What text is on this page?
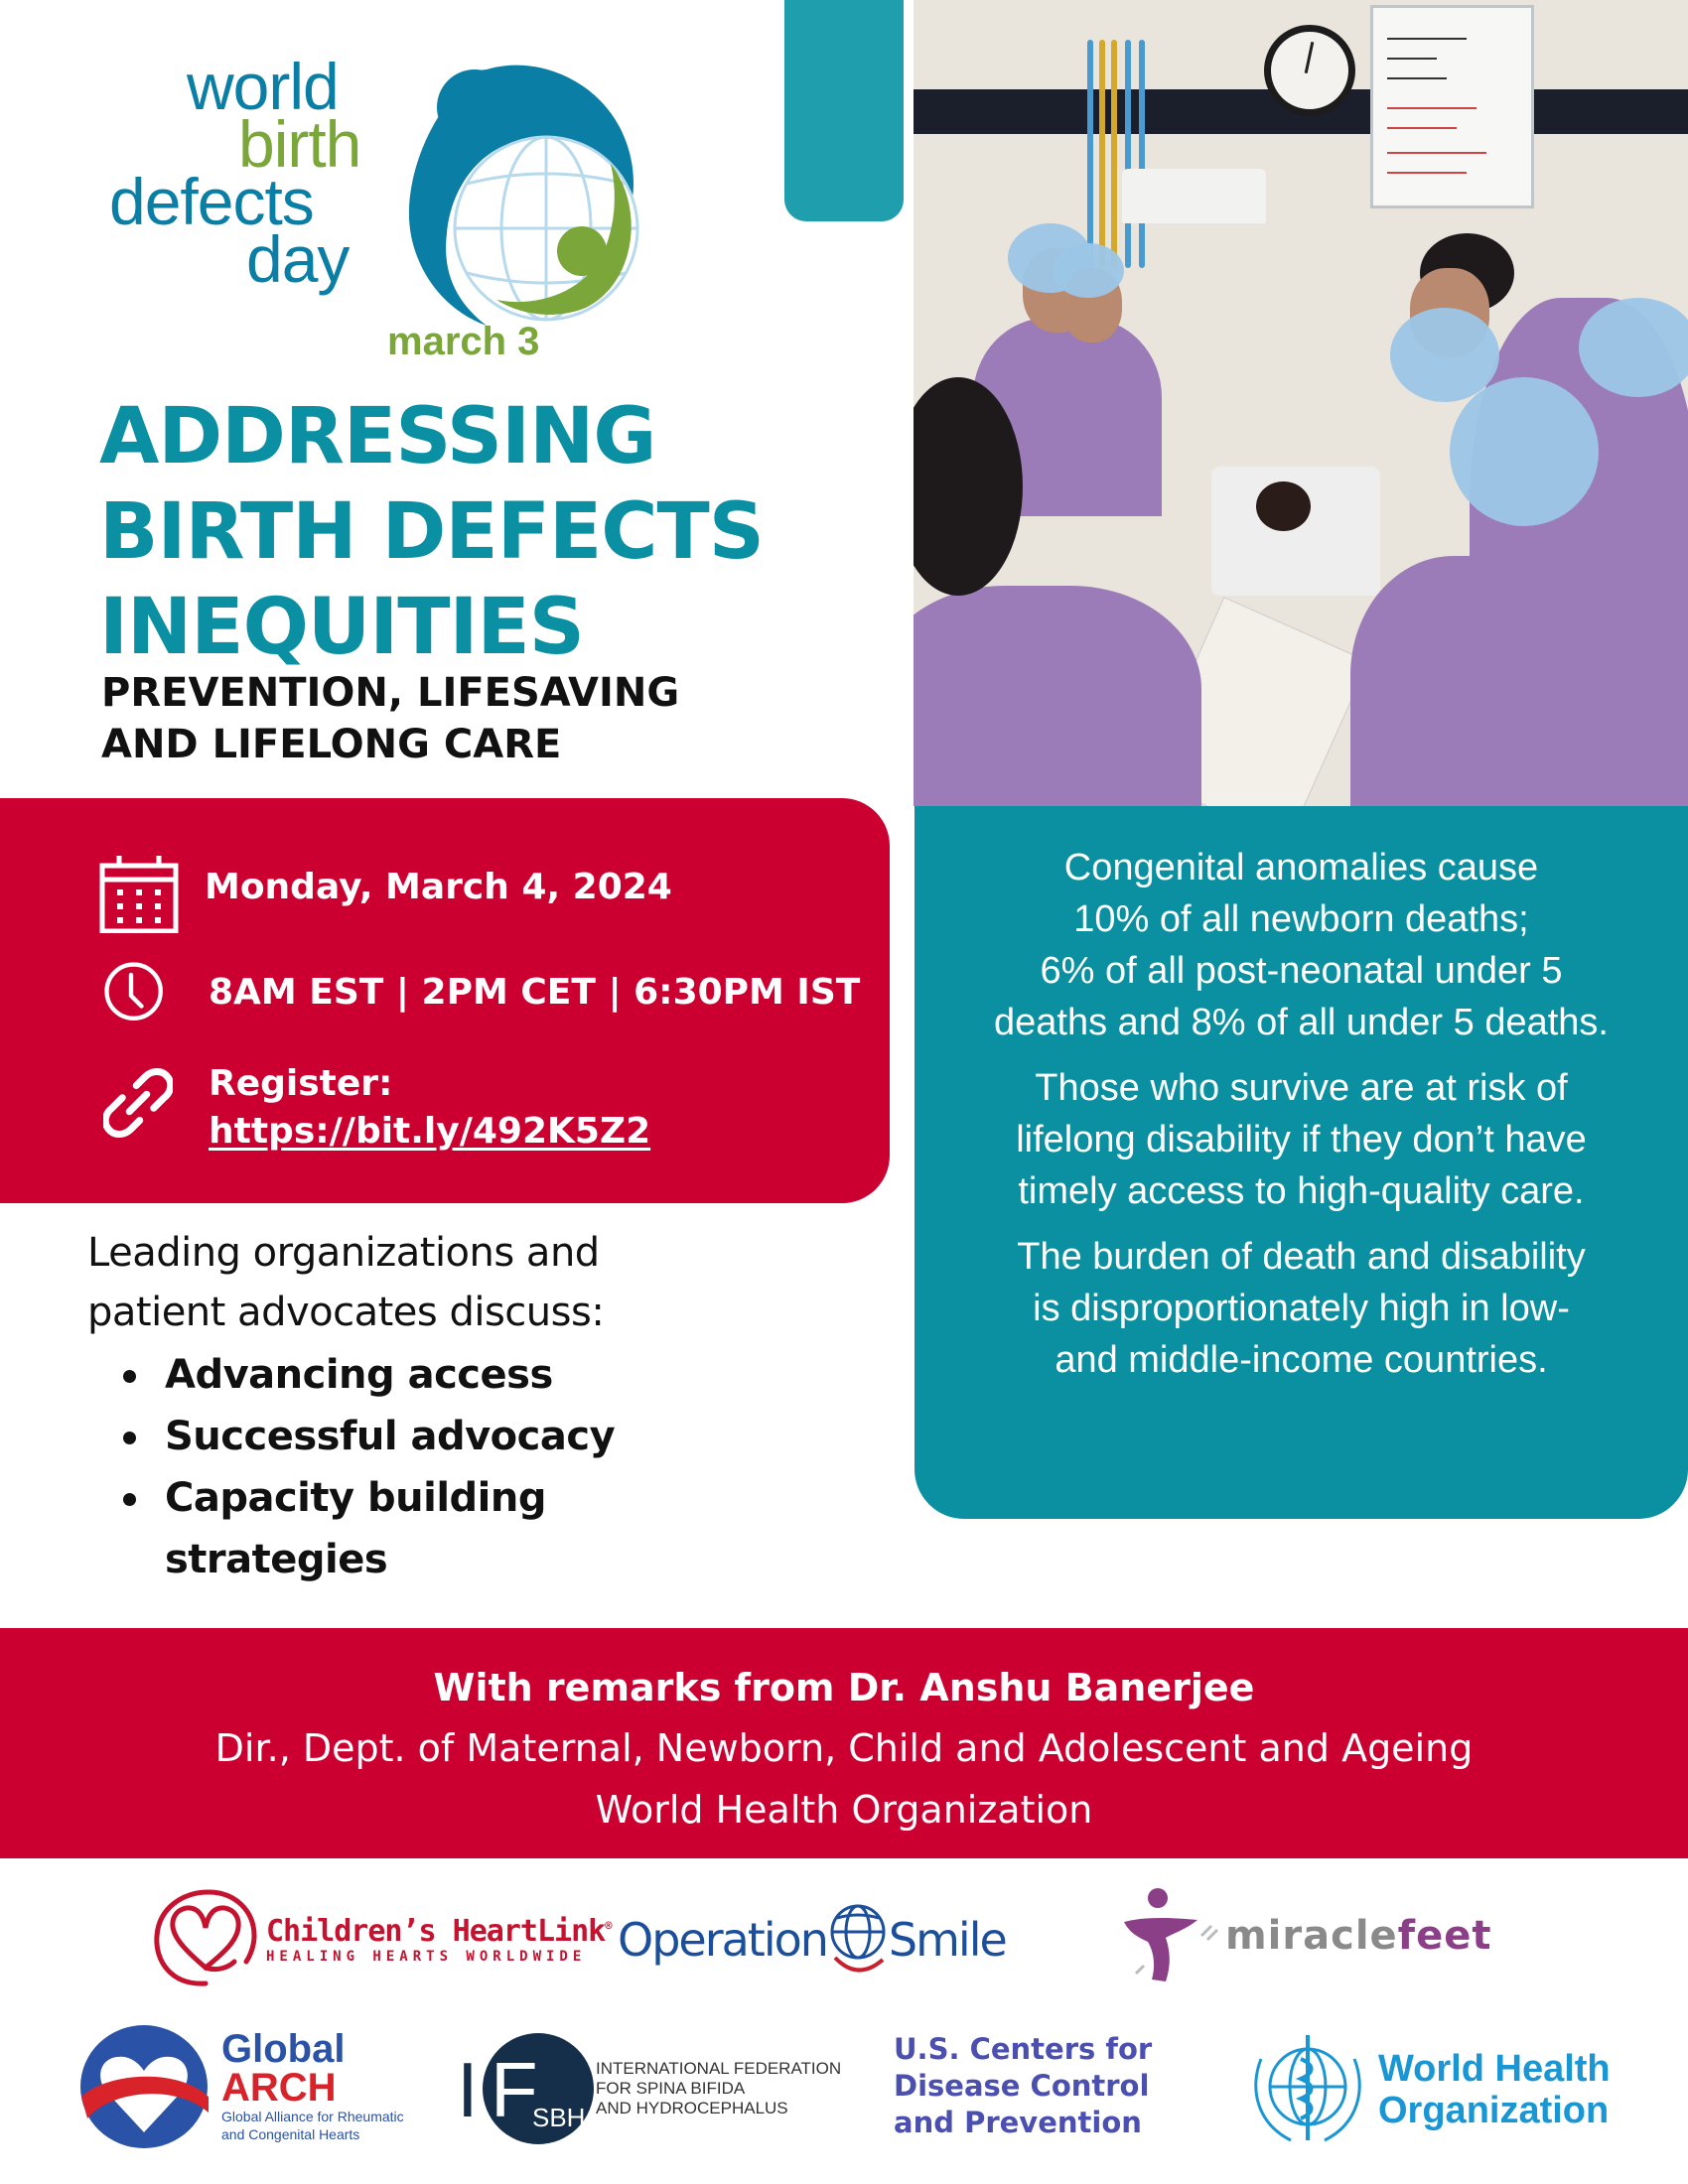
world
birth
defects
day
march 3
ADDRESSING
BIRTH DEFECTS
INEQUITIES
PREVENTION, LIFESAVING
AND LIFELONG CARE
Monday, March 4, 2024
8AM EST | 2PM CET | 6:30PM IST
Register:
https://bit.ly/492K5Z2

Leading organizations and
patient advocates discuss:

Advancing access
Successful advocacy
Capacity building strategies

Congenital anomalies cause
10% of all newborn deaths;
6% of all post-neonatal under 5
deaths and 8% of all under 5 deaths.

Those who survive are at risk of
lifelong disability if they don’t have
timely access to high-quality care.

The burden of death and disability
is disproportionately high in low-
and middle-income countries.

With remarks from Dr. Anshu Banerjee
Dir., Dept. of Maternal, Newborn, Child and Adolescent and Ageing
World Health Organization
Children’s HeartLink®
HEALING HEARTS WORLDWIDE Operation Smile	miracle feet
Global
ARCH
Global Alliance for Rheumatic
and Congenital Hearts
I F
SBH
INTERNATIONAL FEDERATION
FOR SPINA BIFIDA
AND HYDROCEPHALUS
U.S. Centers for
Disease Control
and Prevention
World Health
Organization
